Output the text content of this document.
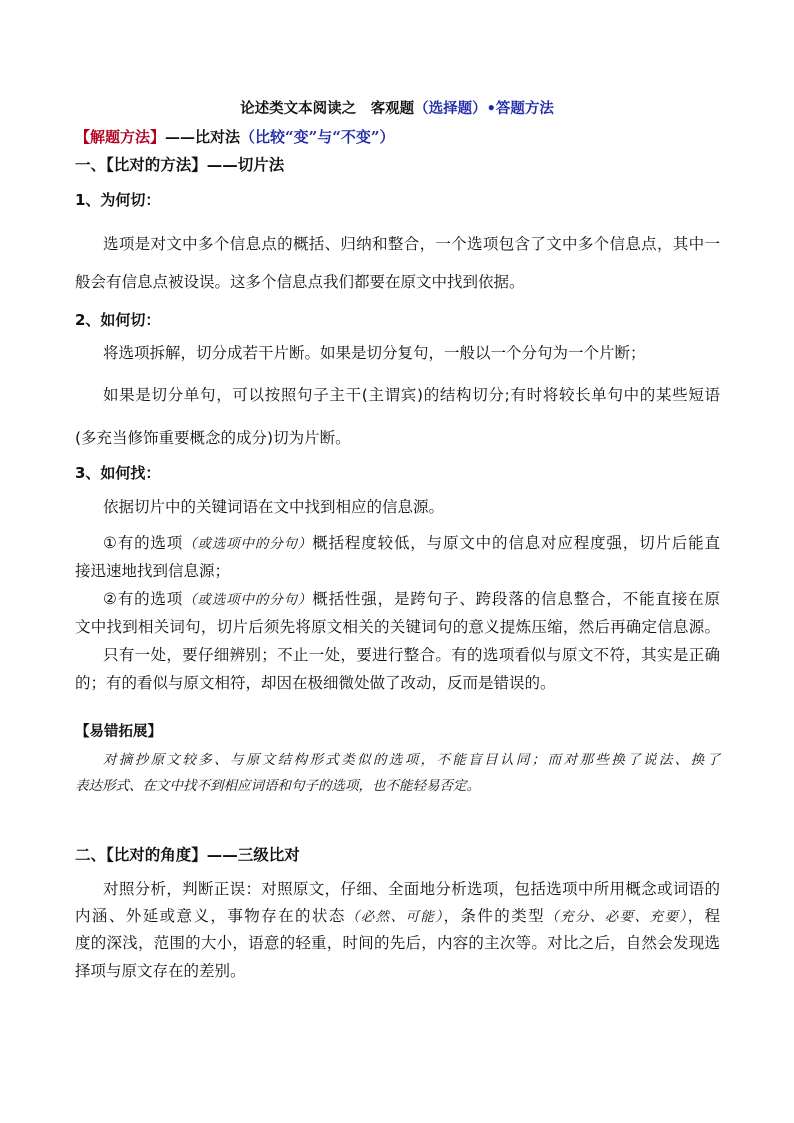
论述类文本阅读之　客观题（选择题）•答题方法
【解题方法】——比对法（比较“变”与“不变”）
一、【比对的方法】——切片法
1、为何切：
选项是对文中多个信息点的概括、归纳和整合，一个选项包含了文中多个信息点，其中一
般会有信息点被设误。这多个信息点我们都要在原文中找到依据。
2、如何切：
将选项拆解，切分成若干片断。如果是切分复句，一般以一个分句为一个片断；
如果是切分单句，可以按照句子主干(主谓宾)的结构切分;有时将较长单句中的某些短语
(多充当修饰重要概念的成分)切为片断。
3、如何找：
依据切片中的关键词语在文中找到相应的信息源。
①有的选项（或选项中的分句）概括程度较低，与原文中的信息对应程度强，切片后能直
接迅速地找到信息源；
②有的选项（或选项中的分句）概括性强，是跨句子、跨段落的信息整合，不能直接在原
文中找到相关词句，切片后须先将原文相关的关键词句的意义提炼压缩，然后再确定信息源。
只有一处，要仔细辨别；不止一处，要进行整合。有的选项看似与原文不符，其实是正确
的；有的看似与原文相符，却因在极细微处做了改动，反而是错误的。
【易错拓展】
对摘抄原文较多、与原文结构形式类似的选项，不能盲目认同；而对那些换了说法、换了
表达形式、在文中找不到相应词语和句子的选项，也不能轻易否定。
二、【比对的角度】——三级比对
对照分析，判断正误：对照原文，仔细、全面地分析选项，包括选项中所用概念或词语的
内涵、外延或意义，事物存在的状态（必然、可能），条件的类型（充分、必要、充要），程
度的深浅，范围的大小，语意的轻重，时间的先后，内容的主次等。对比之后，自然会发现选
择项与原文存在的差别。
